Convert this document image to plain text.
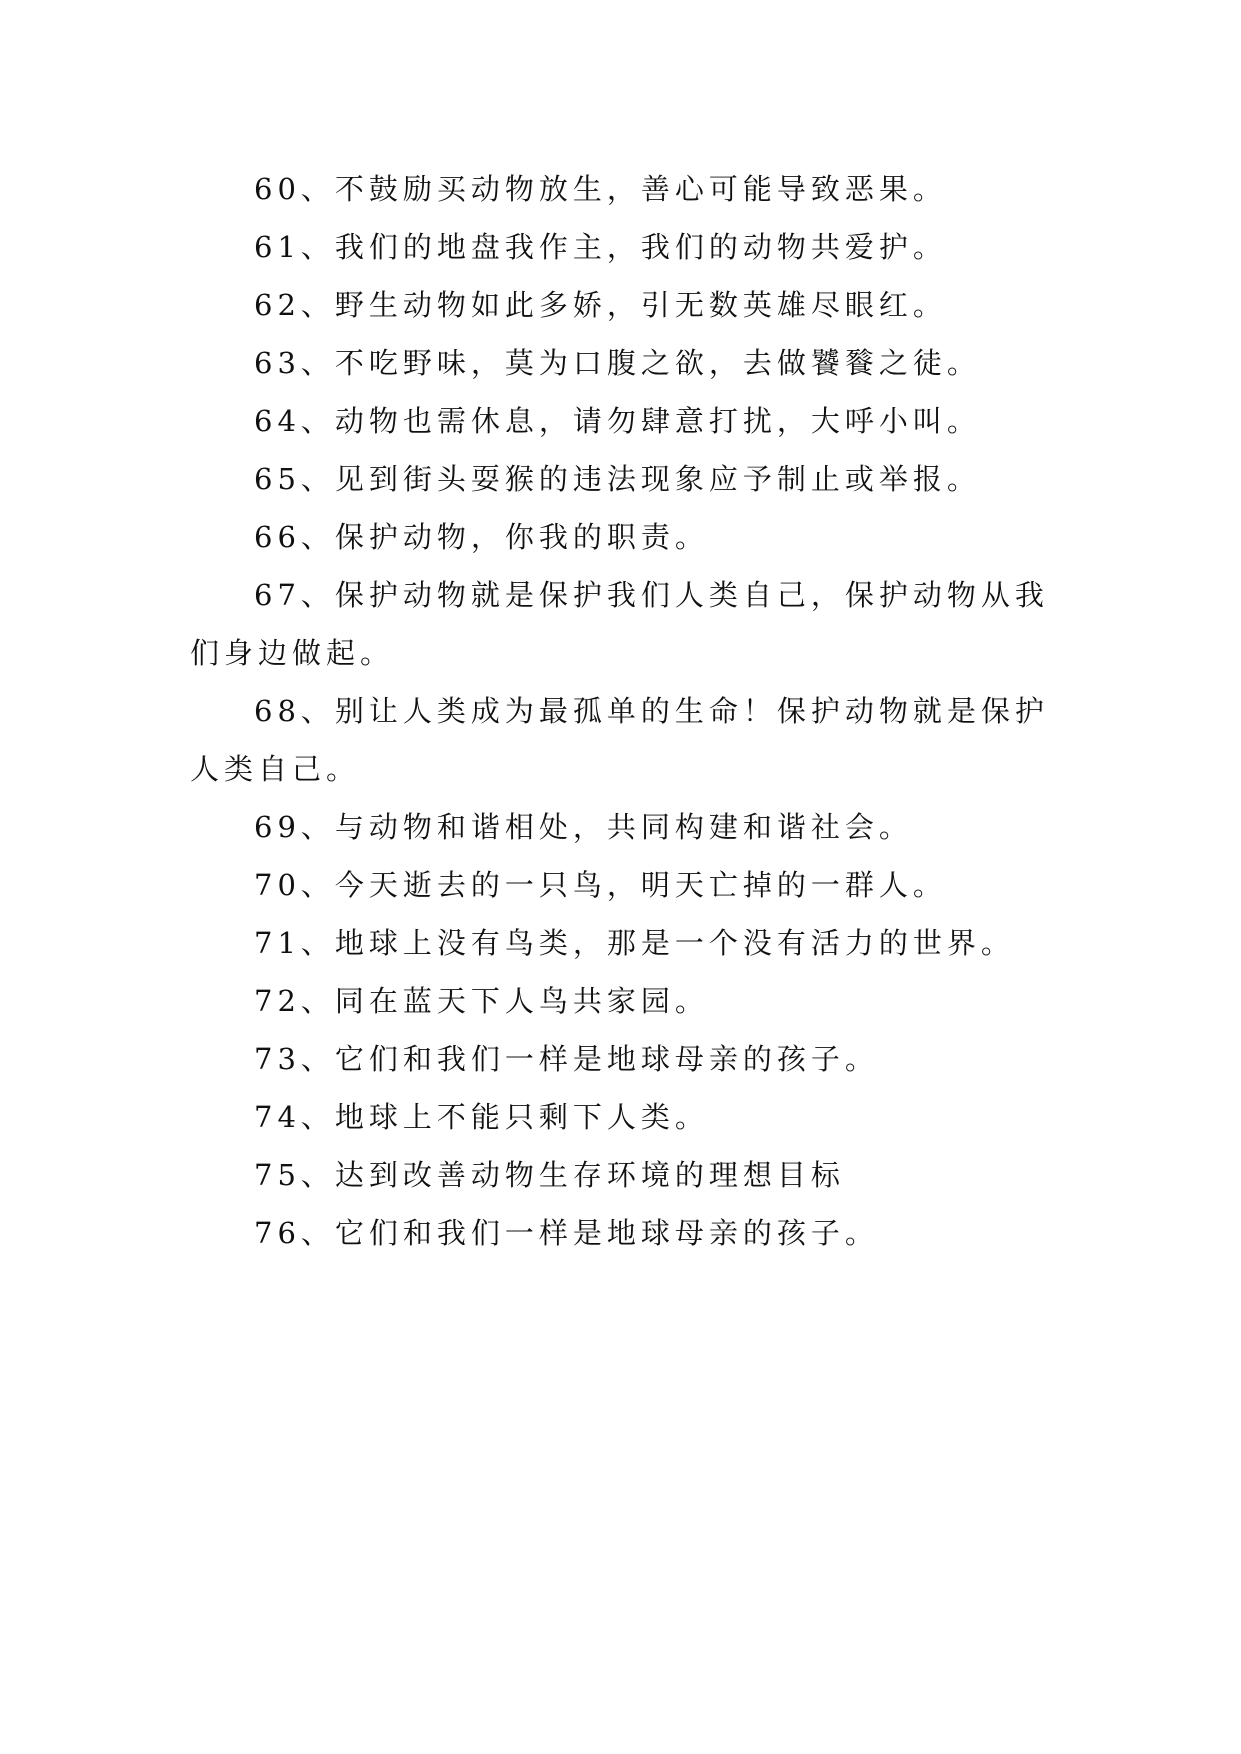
60、不鼓励买动物放生，善心可能导致恶果。

61、我们的地盘我作主，我们的动物共爱护。

62、野生动物如此多娇，引无数英雄尽眼红。

63、不吃野味，莫为口腹之欲，去做饕餮之徒。

64、动物也需休息，请勿肆意打扰，大呼小叫。

65、见到街头耍猴的违法现象应予制止或举报。

66、保护动物，你我的职责。

67、保护动物就是保护我们人类自己，保护动物从我们身边做起。

68、别让人类成为最孤单的生命！保护动物就是保护人类自己。

69、与动物和谐相处，共同构建和谐社会。

70、今天逝去的一只鸟，明天亡掉的一群人。

71、地球上没有鸟类，那是一个没有活力的世界。

72、同在蓝天下人鸟共家园。

73、它们和我们一样是地球母亲的孩子。

74、地球上不能只剩下人类。

75、达到改善动物生存环境的理想目标

76、它们和我们一样是地球母亲的孩子。
